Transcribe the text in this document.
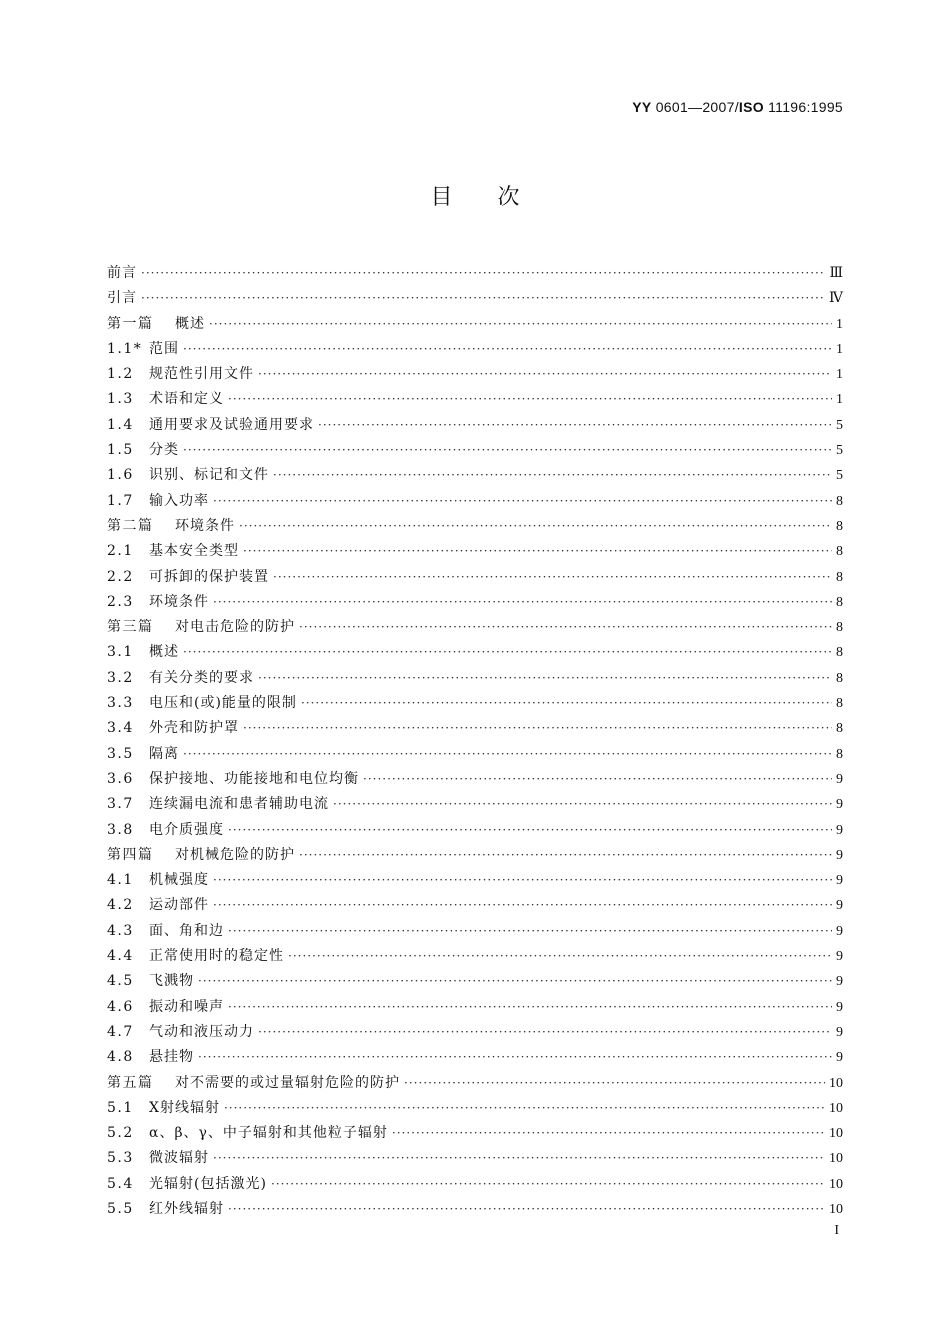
YY 0601—2007/ISO 11196:1995
目次
前言 ·····	Ⅲ
引言 ·····	Ⅳ
第一篇	概述 ·····	1
1.1* 范围 ·····	1
1.2	规范性引用文件 ·····	1
1.3	术语和定义 ·····	1
1.4	通用要求及试验通用要求 ·····	5
1.5	分类 ·····	5
1.6	识别、标记和文件 ·····	5
1.7	输入功率 ·····	8
第二篇	环境条件 ·····	8
2.1	基本安全类型 ·····	8
2.2	可拆卸的保护装置 ·····	8
2.3	环境条件 ·····	8
第三篇	对电击危险的防护 ·····	8
3.1	概述 ·····	8
3.2	有关分类的要求 ·····	8
3.3	电压和(或)能量的限制 ·····	8
3.4	外壳和防护罩 ·····	8
3.5	隔离 ·····	8
3.6	保护接地、功能接地和电位均衡 ·····	9
3.7	连续漏电流和患者辅助电流 ·····	9
3.8	电介质强度 ·····	9
第四篇	对机械危险的防护 ·····	9
4.1	机械强度 ·····	9
4.2	运动部件 ·····	9
4.3	面、角和边 ·····	9
4.4	正常使用时的稳定性 ·····	9
4.5	飞溅物 ·····	9
4.6	振动和噪声 ·····	9
4.7	气动和液压动力 ·····	9
4.8	悬挂物 ·····	9
第五篇	对不需要的或过量辐射危险的防护 ·····	10
5.1	X射线辐射 ·····	10
5.2	α、β、γ、中子辐射和其他粒子辐射 ·····	10
5.3	微波辐射 ·····	10
5.4	光辐射(包括激光) ·····	10
5.5	红外线辐射 ·····	10
I
